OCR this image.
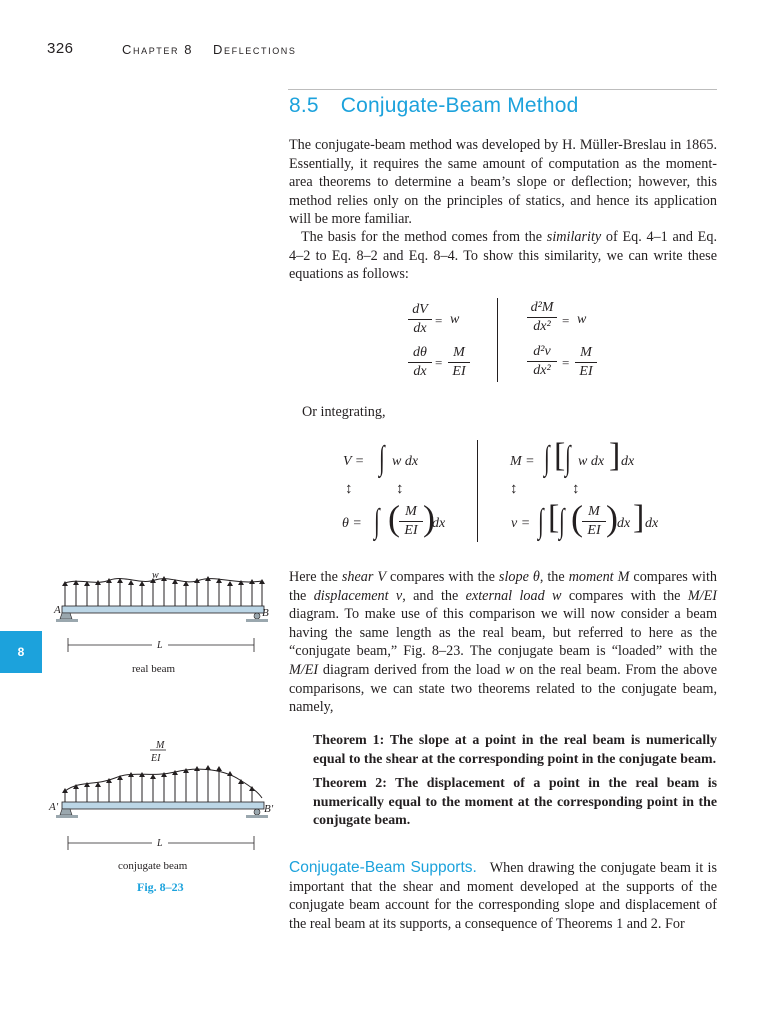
326	Chapter 8 Deflections
8.5 Conjugate-Beam Method

The conjugate-beam method was developed by H. Müller-Breslau in 1865. Essentially, it requires the same amount of computation as the moment-area theorems to determine a beam’s slope or deflection; however, this method relies only on the principles of statics, and hence its application will be more familiar.

The basis for the method comes from the similarity of Eq. 4–1 and Eq. 4–2 to Eq. 8–2 and Eq. 8–4. To show this similarity, we can write these equations as follows:

dV
dx
= w
dθ
dx
=
M
EI
d²M
dx² = w
d²v
dx²
=
M
EI
Or integrating,
V = ∫ w dx
↕	↕
θ = ∫ ( M
EI )
dx
M = ∫ [ ∫ w dx ] dx
↕	↕
v = ∫ [ ∫ ( M
EI ) dx ] dx

Here the shear V compares with the slope θ, the moment M compares with the displacement v, and the external load w compares with the M/EI diagram. To make use of this comparison we will now consider a beam having the same length as the real beam, but referred to here as the “conjugate beam,” Fig. 8–23. The conjugate beam is “loaded” with the M/EI diagram derived from the load w on the real beam. From the above comparisons, we can state two theorems related to the conjugate beam, namely,

Theorem 1: The slope at a point in the real beam is numerically equal to the shear at the corresponding point in the conjugate beam.

Theorem 2: The displacement of a point in the real beam is numerically equal to the moment at the corresponding point in the conjugate beam.

Conjugate-Beam Supports. When drawing the conjugate beam it is important that the shear and moment developed at the supports of the conjugate beam account for the corresponding slope and displacement of the real beam at its supports, a consequence of Theorems 1 and 2. For

8
w
A	B
L
real beam
M
EI
A′	B′
L
conjugate beam
Fig. 8–23
